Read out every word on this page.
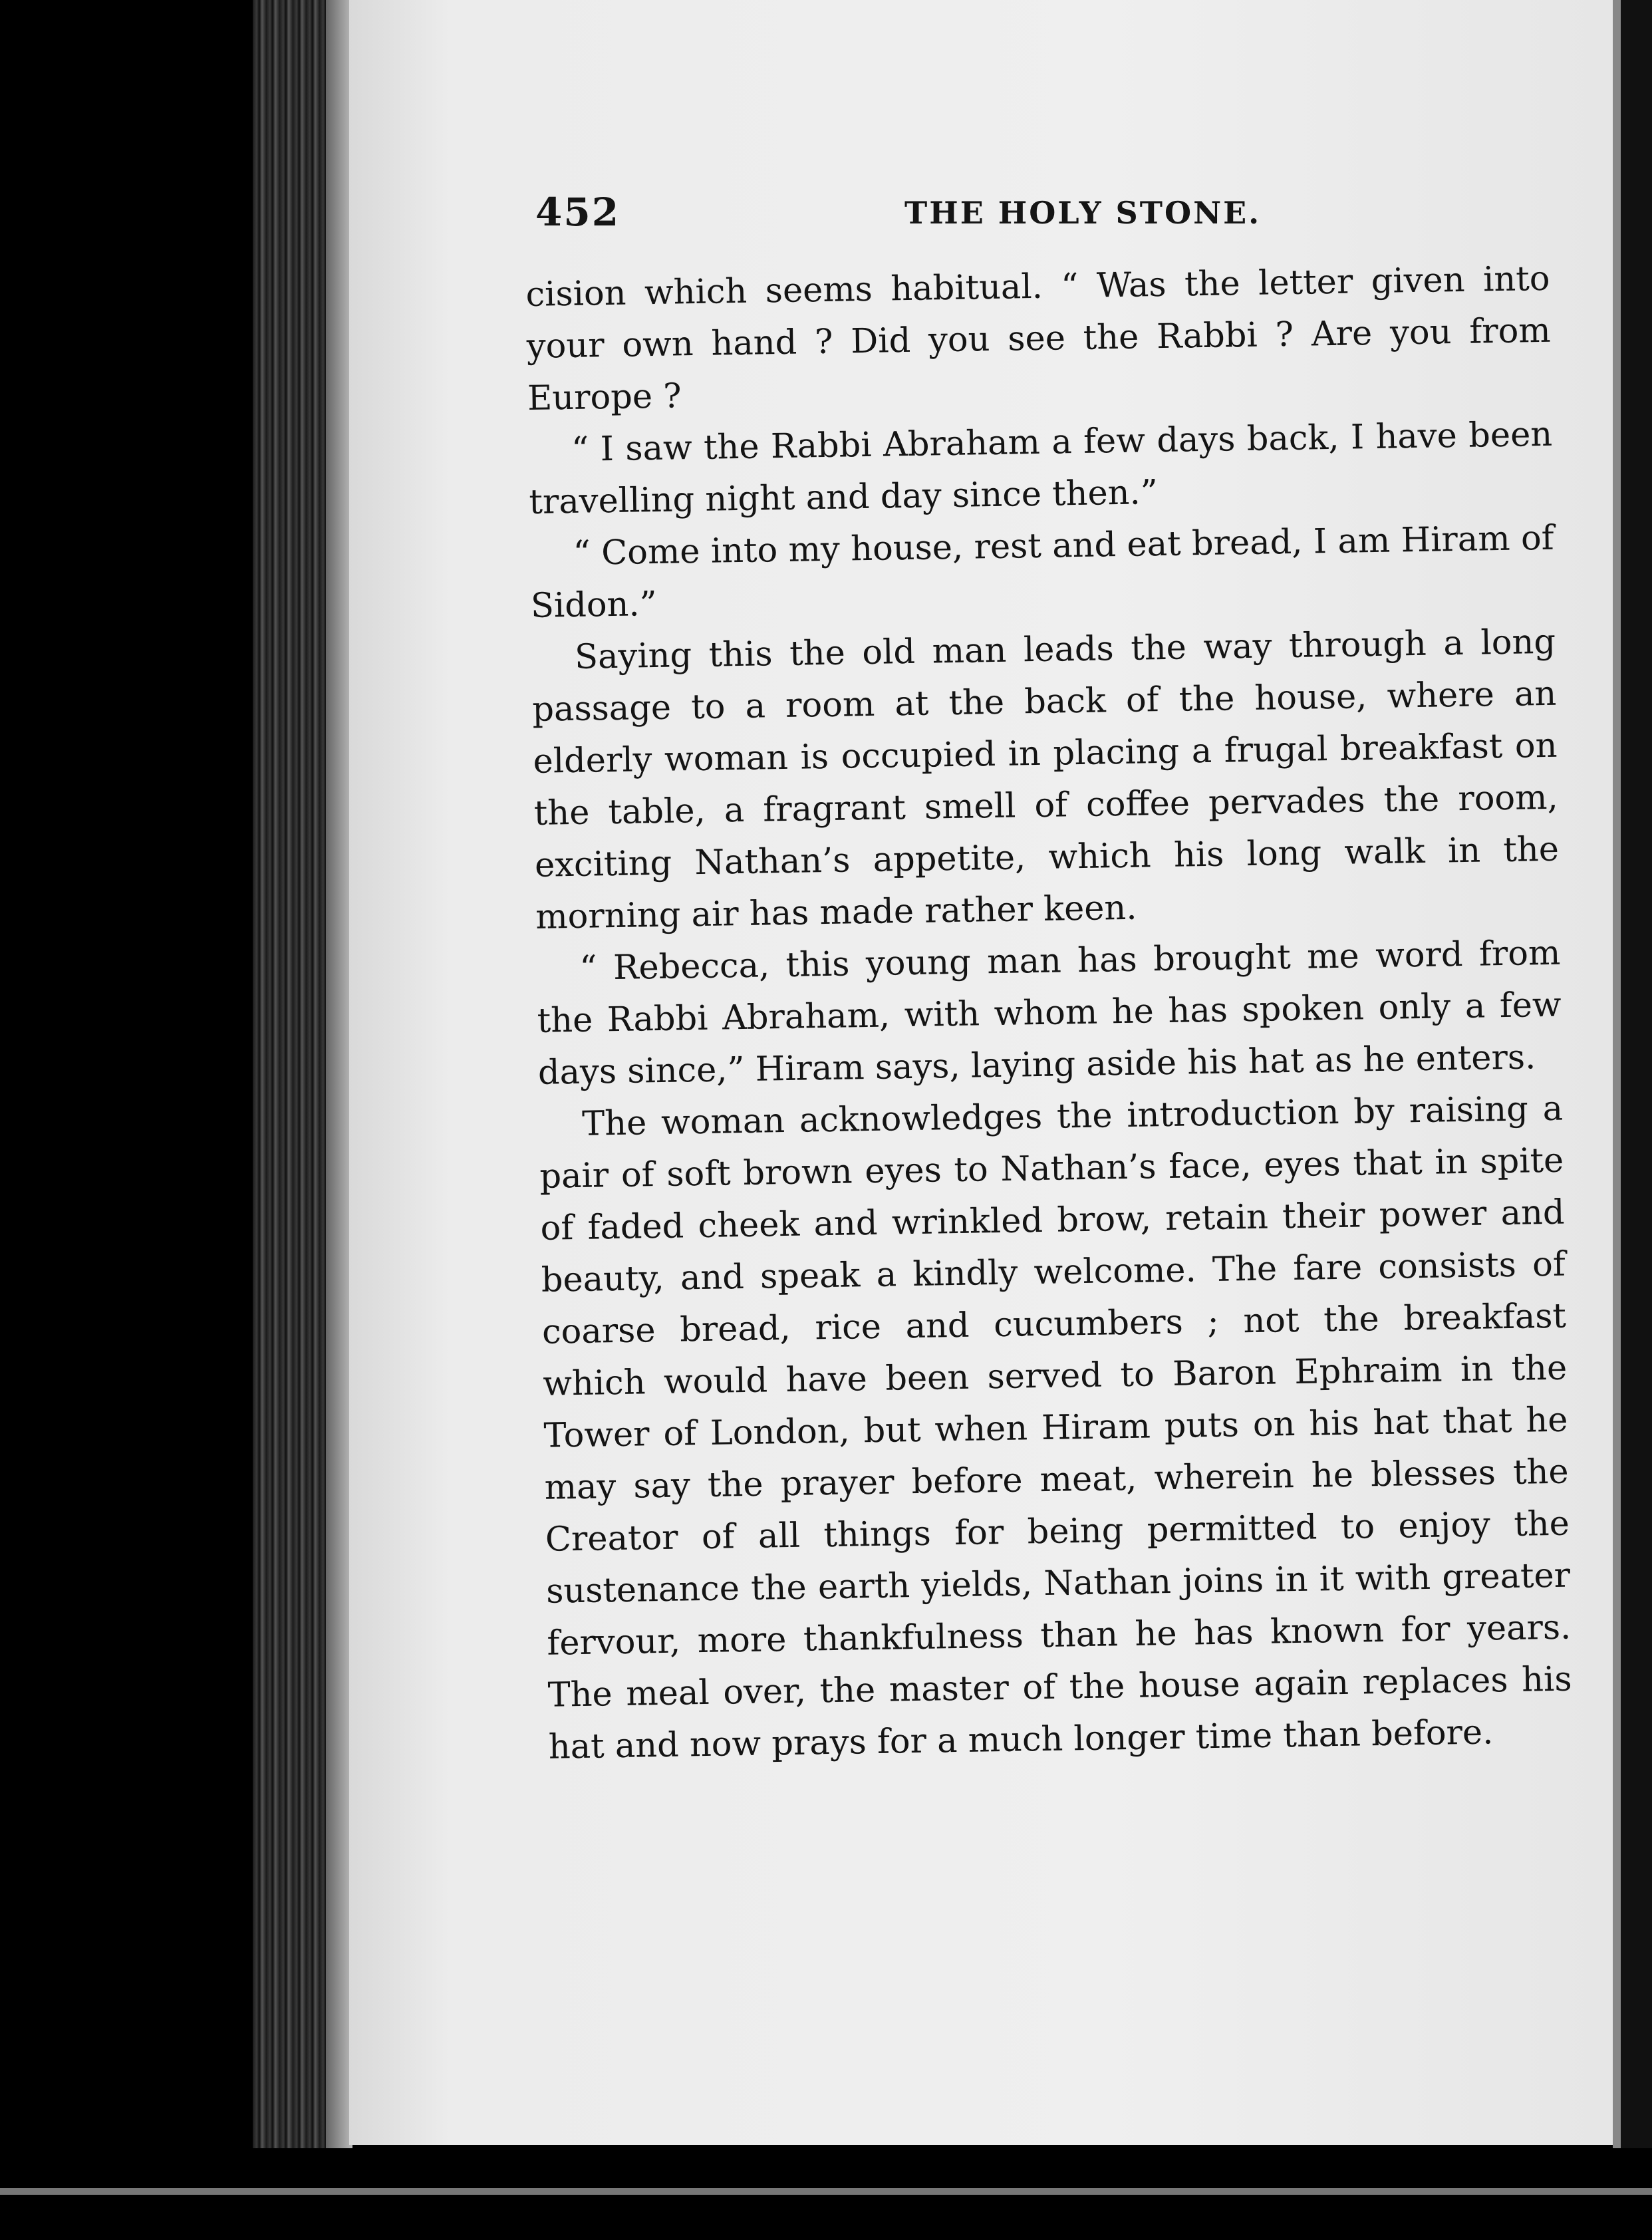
452	THE HOLY STONE.

cision which seems habitual. “ Was the letter given into your own hand ? Did you see the Rabbi ? Are you from Europe ?

“ I saw the Rabbi Abraham a few days back, I have been travelling night and day since then.”

“ Come into my house, rest and eat bread, I am Hiram of Sidon.”

Saying this the old man leads the way through a long passage to a room at the back of the house, where an elderly woman is occupied in placing a frugal breakfast on the table, a fragrant smell of coffee pervades the room, exciting Nathan’s appetite, which his long walk in the morning air has made rather keen.

“ Rebecca, this young man has brought me word from the Rabbi Abraham, with whom he has spoken only a few days since,” Hiram says, laying aside his hat as he enters.

The woman acknowledges the introduction by raising a pair of soft brown eyes to Nathan’s face, eyes that in spite of faded cheek and wrinkled brow, retain their power and beauty, and speak a kindly welcome. The fare consists of coarse bread, rice and cucumbers ; not the breakfast which would have been served to Baron Ephraim in the Tower of London, but when Hiram puts on his hat that he may say the prayer before meat, wherein he blesses the Creator of all things for being permitted to enjoy the sustenance the earth yields, Nathan joins in it with greater fervour, more thankfulness than he has known for years. The meal over, the master of the house again replaces his hat and now prays for a much longer time than before.
